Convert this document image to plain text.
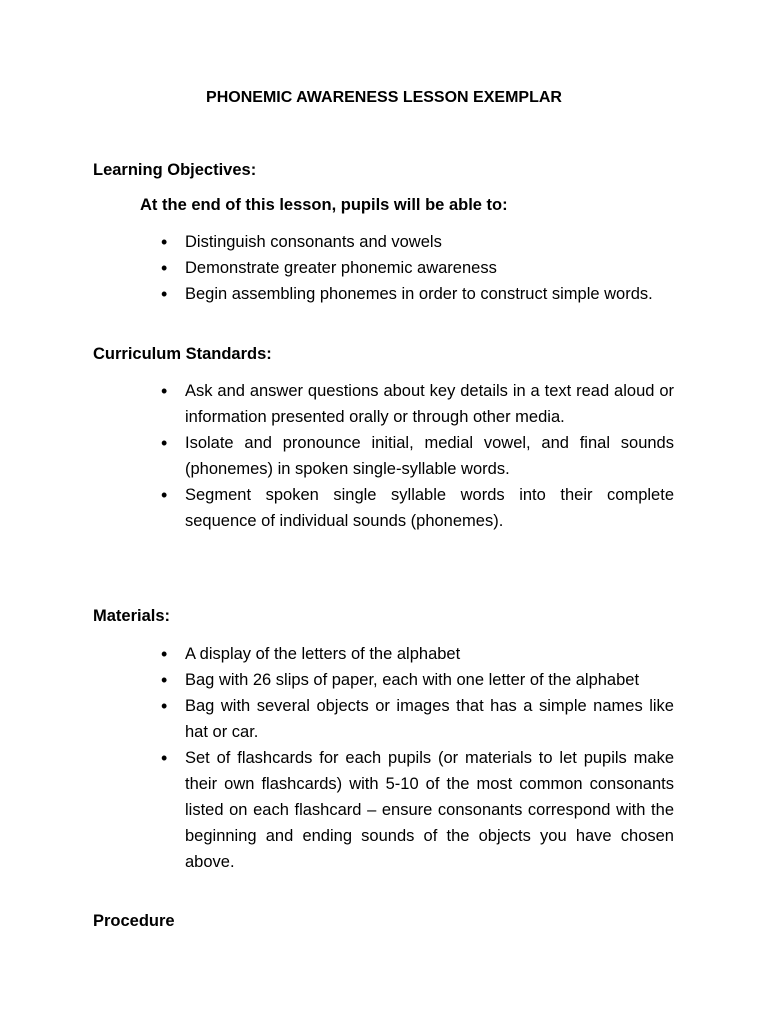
PHONEMIC AWARENESS LESSON EXEMPLAR
Learning Objectives:
At the end of this lesson, pupils will be able to:
• Distinguish consonants and vowels
• Demonstrate greater phonemic awareness
• Begin assembling phonemes in order to construct simple words.
Curriculum Standards:
• Ask and answer questions about key details in a text read aloud or information presented orally or through other media.
• Isolate and pronounce initial, medial vowel, and final sounds (phonemes) in spoken single-syllable words.
• Segment spoken single syllable words into their complete sequence of individual sounds (phonemes).
Materials:
• A display of the letters of the alphabet
• Bag with 26 slips of paper, each with one letter of the alphabet
• Bag with several objects or images that has a simple names like hat or car.
• Set of flashcards for each pupils (or materials to let pupils make their own flashcards) with 5-10 of the most common consonants listed on each flashcard – ensure consonants correspond with the beginning and ending sounds of the objects you have chosen above.
Procedure
